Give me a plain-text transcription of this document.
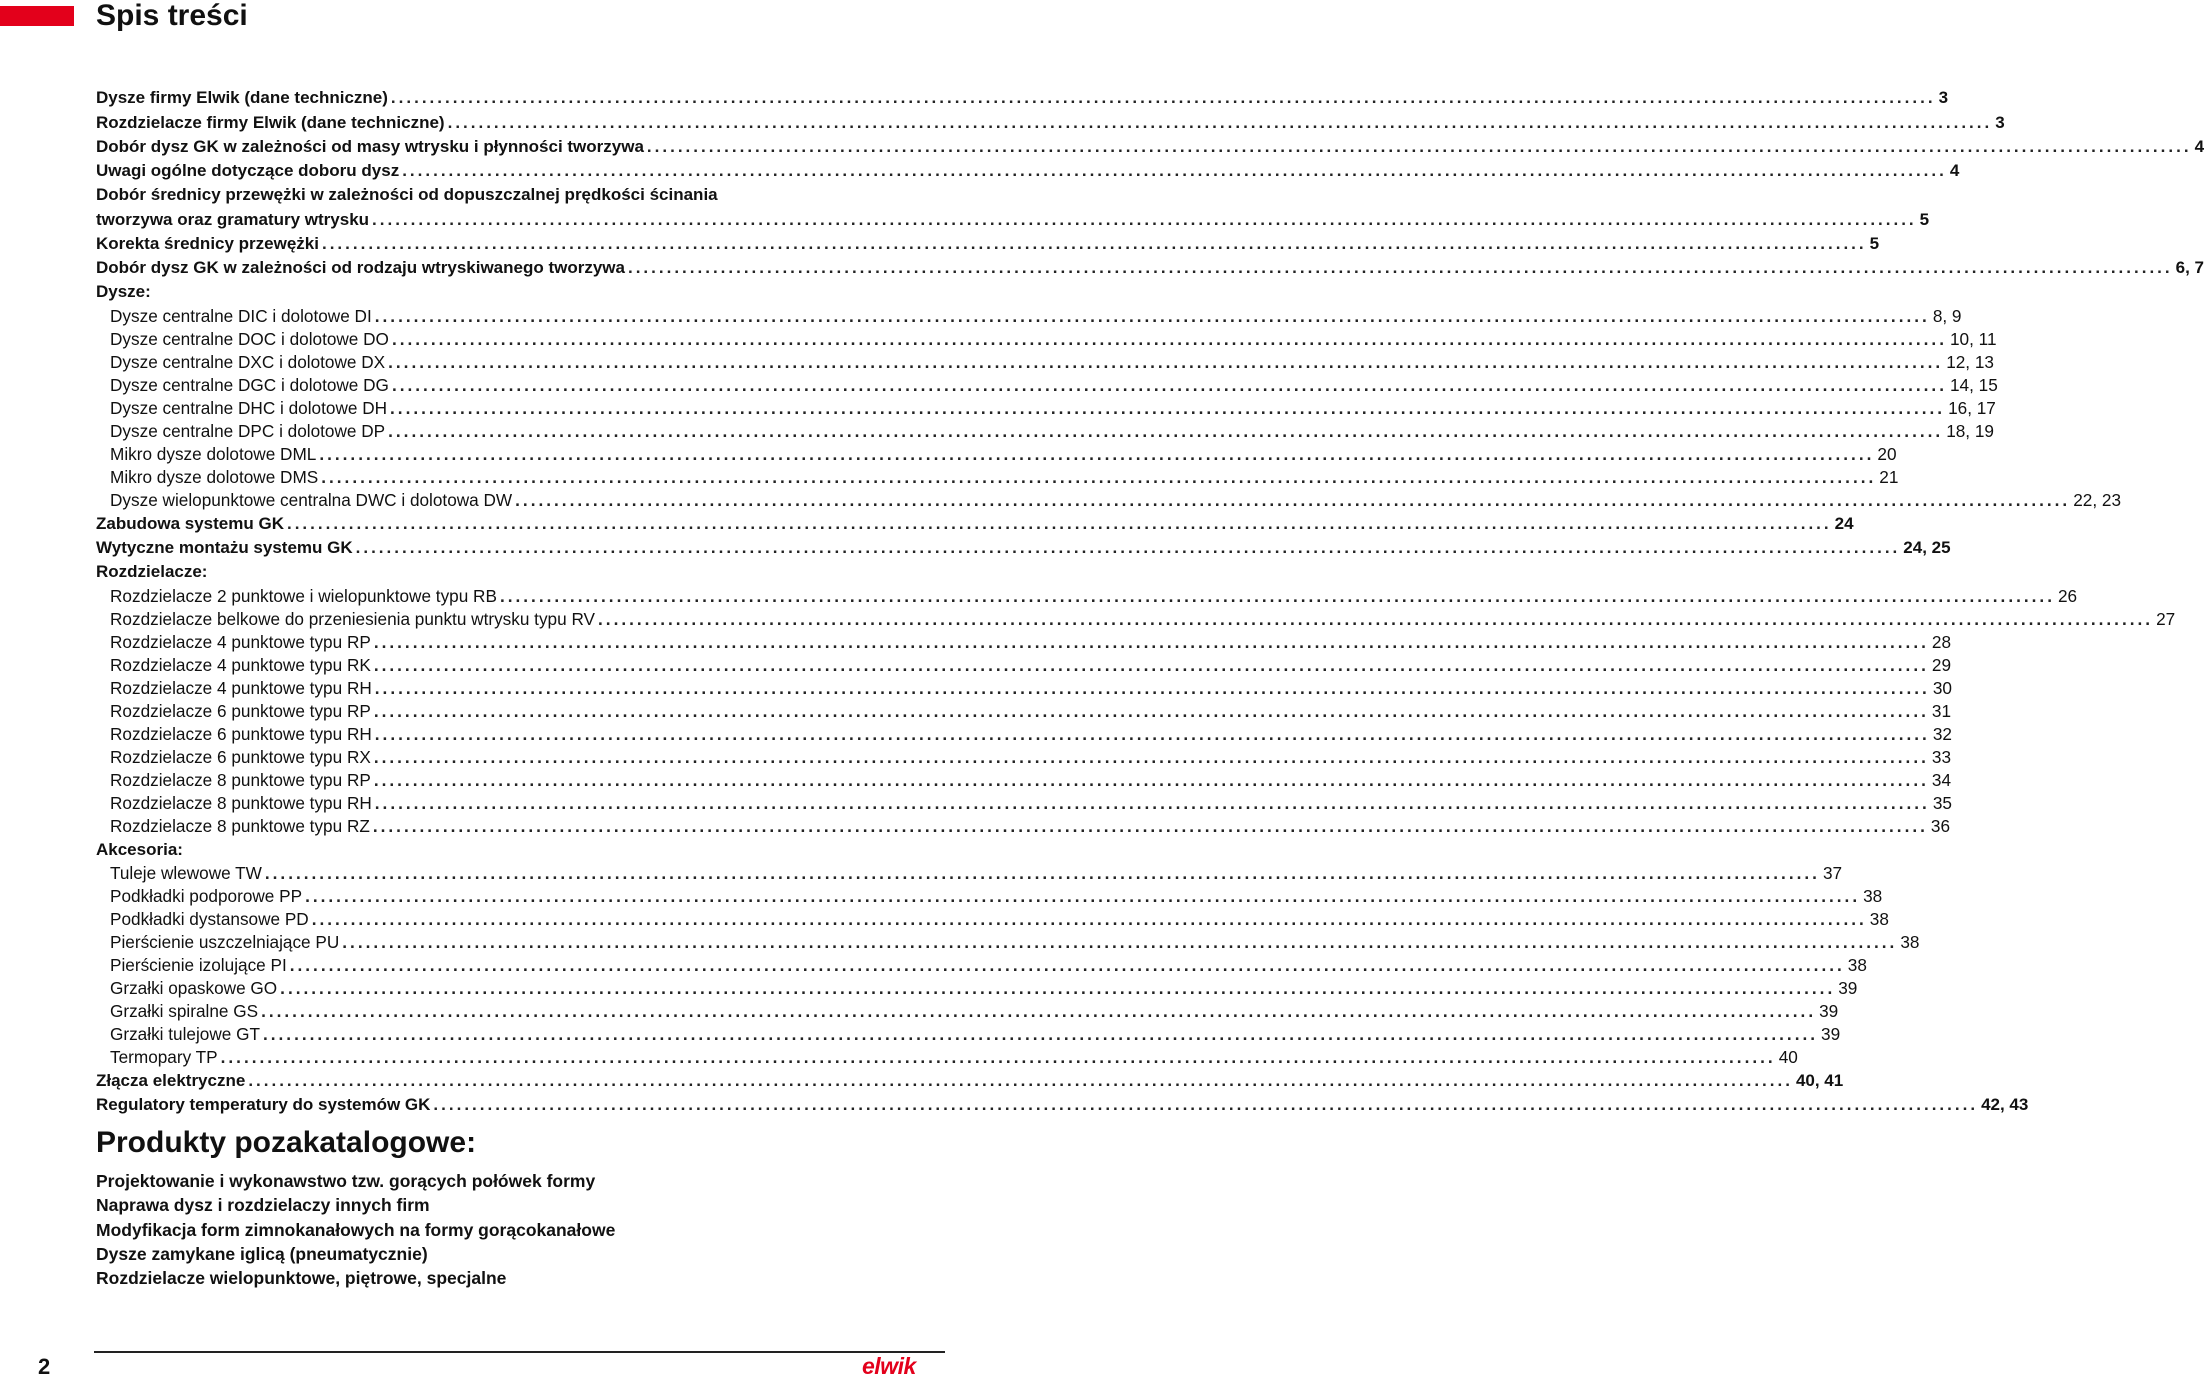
Spis treści
Dysze firmy Elwik (dane techniczne) ........................................................................................................................................................................................................ 3
Rozdzielacze firmy Elwik (dane techniczne) ........................................................................................................................................................................................................ 3
Dobór dysz GK w zależności od masy wtrysku i płynności tworzywa ........................................................................................................................................................................................................ 4
Uwagi ogólne dotyczące doboru dysz ........................................................................................................................................................................................................ 4
Dobór średnicy przewężki w zależności od dopuszczalnej prędkości ścinania
tworzywa oraz gramatury wtrysku ........................................................................................................................................................................................................ 5
Korekta średnicy przewężki ........................................................................................................................................................................................................ 5
Dobór dysz GK w zależności od rodzaju wtryskiwanego tworzywa ........................................................................................................................................................................................................ 6, 7
Dysze:
Dysze centralne DIC i dolotowe DI ........................................................................................................................................................................................................ 8, 9
Dysze centralne DOC i dolotowe DO ........................................................................................................................................................................................................ 10, 11
Dysze centralne DXC i dolotowe DX ........................................................................................................................................................................................................ 12, 13
Dysze centralne DGC i dolotowe DG ........................................................................................................................................................................................................ 14, 15
Dysze centralne DHC i dolotowe DH ........................................................................................................................................................................................................ 16, 17
Dysze centralne DPC i dolotowe DP ........................................................................................................................................................................................................ 18, 19
Mikro dysze dolotowe DML ........................................................................................................................................................................................................ 20
Mikro dysze dolotowe DMS ........................................................................................................................................................................................................ 21
Dysze wielopunktowe centralna DWC i dolotowa DW ........................................................................................................................................................................................................ 22, 23
Zabudowa systemu GK ........................................................................................................................................................................................................ 24
Wytyczne montażu systemu GK ........................................................................................................................................................................................................ 24, 25
Rozdzielacze:
Rozdzielacze 2 punktowe i wielopunktowe typu RB ........................................................................................................................................................................................................ 26
Rozdzielacze belkowe do przeniesienia punktu wtrysku typu RV ........................................................................................................................................................................................................ 27
Rozdzielacze 4 punktowe typu RP ........................................................................................................................................................................................................ 28
Rozdzielacze 4 punktowe typu RK ........................................................................................................................................................................................................ 29
Rozdzielacze 4 punktowe typu RH ........................................................................................................................................................................................................ 30
Rozdzielacze 6 punktowe typu RP ........................................................................................................................................................................................................ 31
Rozdzielacze 6 punktowe typu RH ........................................................................................................................................................................................................ 32
Rozdzielacze 6 punktowe typu RX ........................................................................................................................................................................................................ 33
Rozdzielacze 8 punktowe typu RP ........................................................................................................................................................................................................ 34
Rozdzielacze 8 punktowe typu RH ........................................................................................................................................................................................................ 35
Rozdzielacze 8 punktowe typu RZ ........................................................................................................................................................................................................ 36
Akcesoria:
Tuleje wlewowe TW ........................................................................................................................................................................................................ 37
Podkładki podporowe PP ........................................................................................................................................................................................................ 38
Podkładki dystansowe PD ........................................................................................................................................................................................................ 38
Pierścienie uszczelniające PU ........................................................................................................................................................................................................ 38
Pierścienie izolujące PI ........................................................................................................................................................................................................ 38
Grzałki opaskowe GO ........................................................................................................................................................................................................ 39
Grzałki spiralne GS ........................................................................................................................................................................................................ 39
Grzałki tulejowe GT ........................................................................................................................................................................................................ 39
Termopary TP ........................................................................................................................................................................................................ 40
Złącza elektryczne ........................................................................................................................................................................................................ 40, 41
Regulatory temperatury do systemów GK ........................................................................................................................................................................................................ 42, 43
Produkty pozakatalogowe:
Projektowanie i wykonawstwo tzw. gorących połówek formy
Naprawa dysz i rozdzielaczy innych firm
Modyfikacja form zimnokanałowych na formy gorącokanałowe
Dysze zamykane iglicą (pneumatycznie)
Rozdzielacze wielopunktowe, piętrowe, specjalne
2	elwik
